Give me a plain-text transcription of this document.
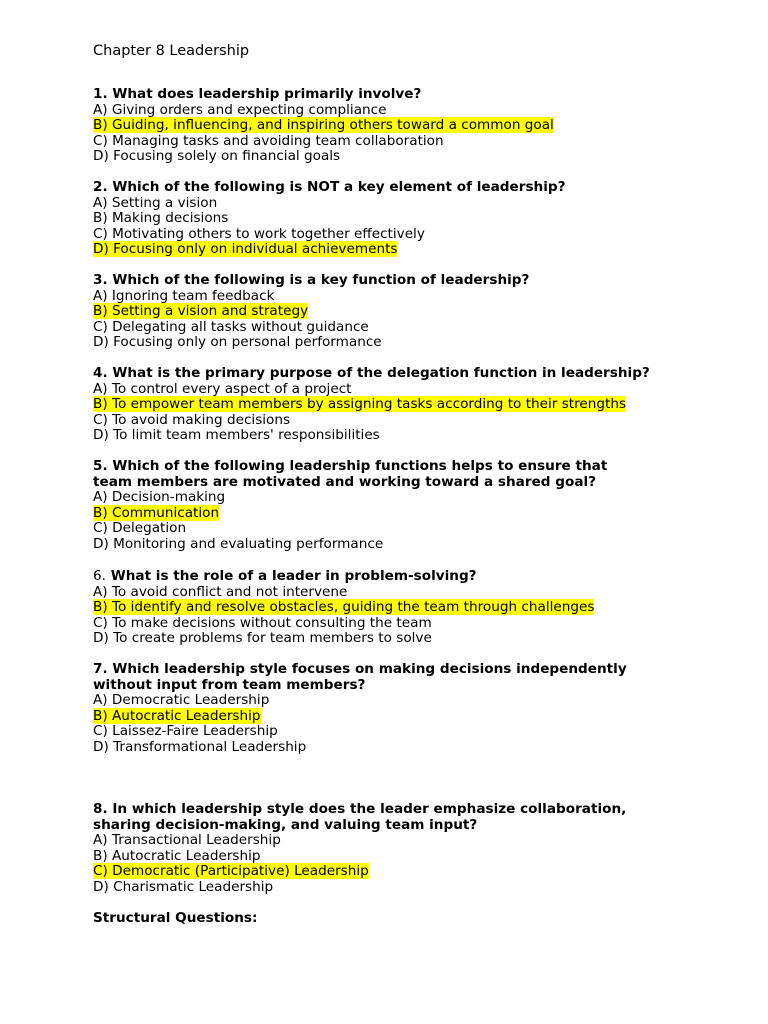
Chapter 8 Leadership

1. What does leadership primarily involve?

A) Giving orders and expecting compliance

B) Guiding, influencing, and inspiring others toward a common goal

C) Managing tasks and avoiding team collaboration

D) Focusing solely on financial goals

2. Which of the following is NOT a key element of leadership?

A) Setting a vision

B) Making decisions

C) Motivating others to work together effectively

D) Focusing only on individual achievements

3. Which of the following is a key function of leadership?

A) Ignoring team feedback

B) Setting a vision and strategy

C) Delegating all tasks without guidance

D) Focusing only on personal performance

4. What is the primary purpose of the delegation function in leadership?

A) To control every aspect of a project

B) To empower team members by assigning tasks according to their strengths

C) To avoid making decisions

D) To limit team members' responsibilities

5. Which of the following leadership functions helps to ensure that

team members are motivated and working toward a shared goal?

A) Decision-making

B) Communication

C) Delegation

D) Monitoring and evaluating performance

6. What is the role of a leader in problem-solving?

A) To avoid conflict and not intervene

B) To identify and resolve obstacles, guiding the team through challenges

C) To make decisions without consulting the team

D) To create problems for team members to solve

7. Which leadership style focuses on making decisions independently

without input from team members?

A) Democratic Leadership

B) Autocratic Leadership

C) Laissez-Faire Leadership

D) Transformational Leadership

8. In which leadership style does the leader emphasize collaboration,

sharing decision-making, and valuing team input?

A) Transactional Leadership

B) Autocratic Leadership

C) Democratic (Participative) Leadership

D) Charismatic Leadership

Structural Questions:
